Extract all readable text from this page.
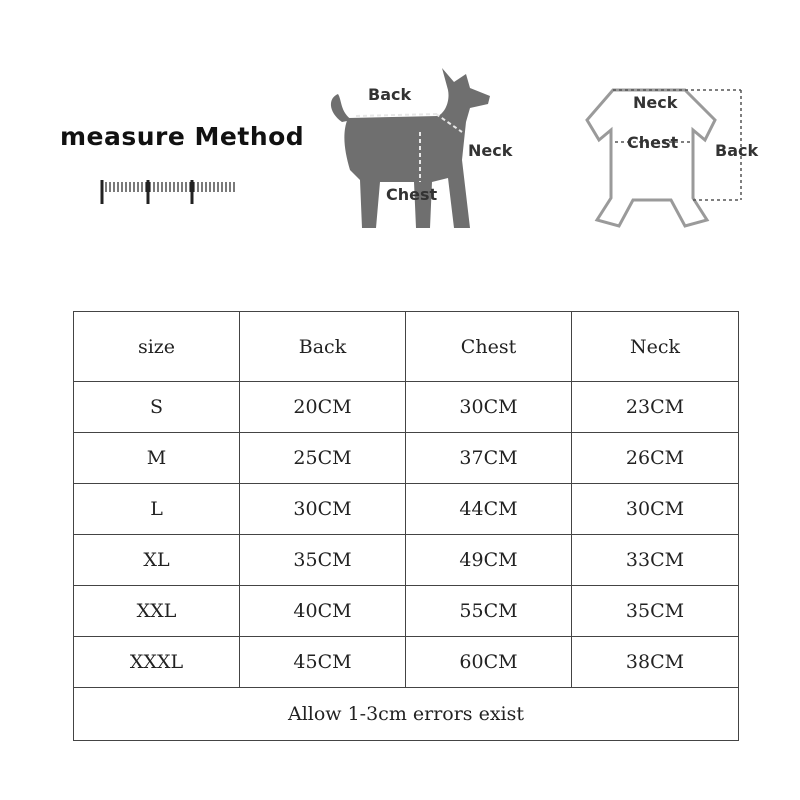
measure Method
Back
Neck
Chest
Neck
Chest Back
size	Back	Chest	Neck
S	20CM	30CM	23CM
M	25CM	37CM	26CM
L	30CM	44CM	30CM
XL	35CM	49CM	33CM
XXL	40CM	55CM	35CM
XXXL	45CM	60CM	38CM
Allow 1-3cm errors exist			
